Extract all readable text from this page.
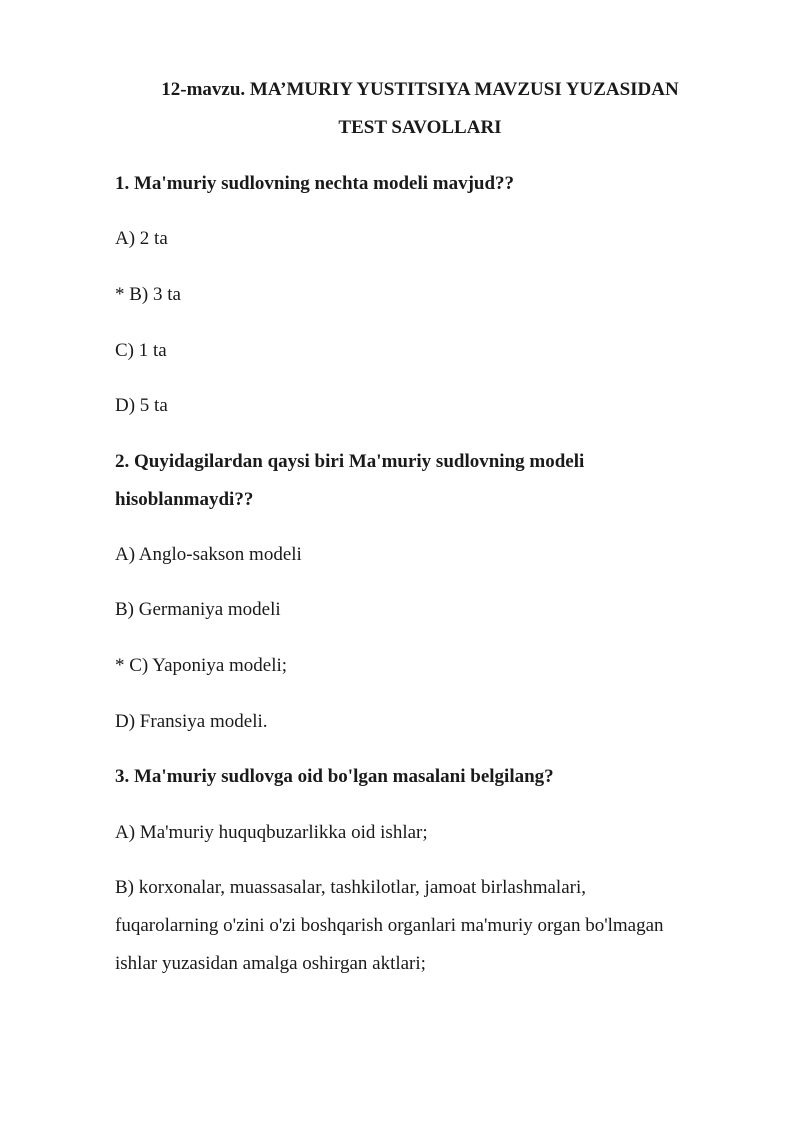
12-mavzu. MA’MURIY YUSTITSIYA MAVZUSI YUZASIDAN
TEST SAVOLLARI
1. Ma'muriy sudlovning nechta modeli mavjud??
A) 2 ta
* B) 3 ta
C) 1 ta
D) 5 ta
2. Quyidagilardan qaysi biri Ma'muriy sudlovning modeli
hisoblanmaydi??
A) Anglo-sakson modeli
B) Germaniya modeli
* C) Yaponiya modeli;
D) Fransiya modeli.
3. Ma'muriy sudlovga oid bo'lgan masalani belgilang?
A) Ma'muriy huquqbuzarlikka oid ishlar;
B) korxonalar, muassasalar, tashkilotlar, jamoat birlashmalari,
fuqarolarning o'zini o'zi boshqarish organlari ma'muriy organ bo'lmagan
ishlar yuzasidan amalga oshirgan aktlari;
